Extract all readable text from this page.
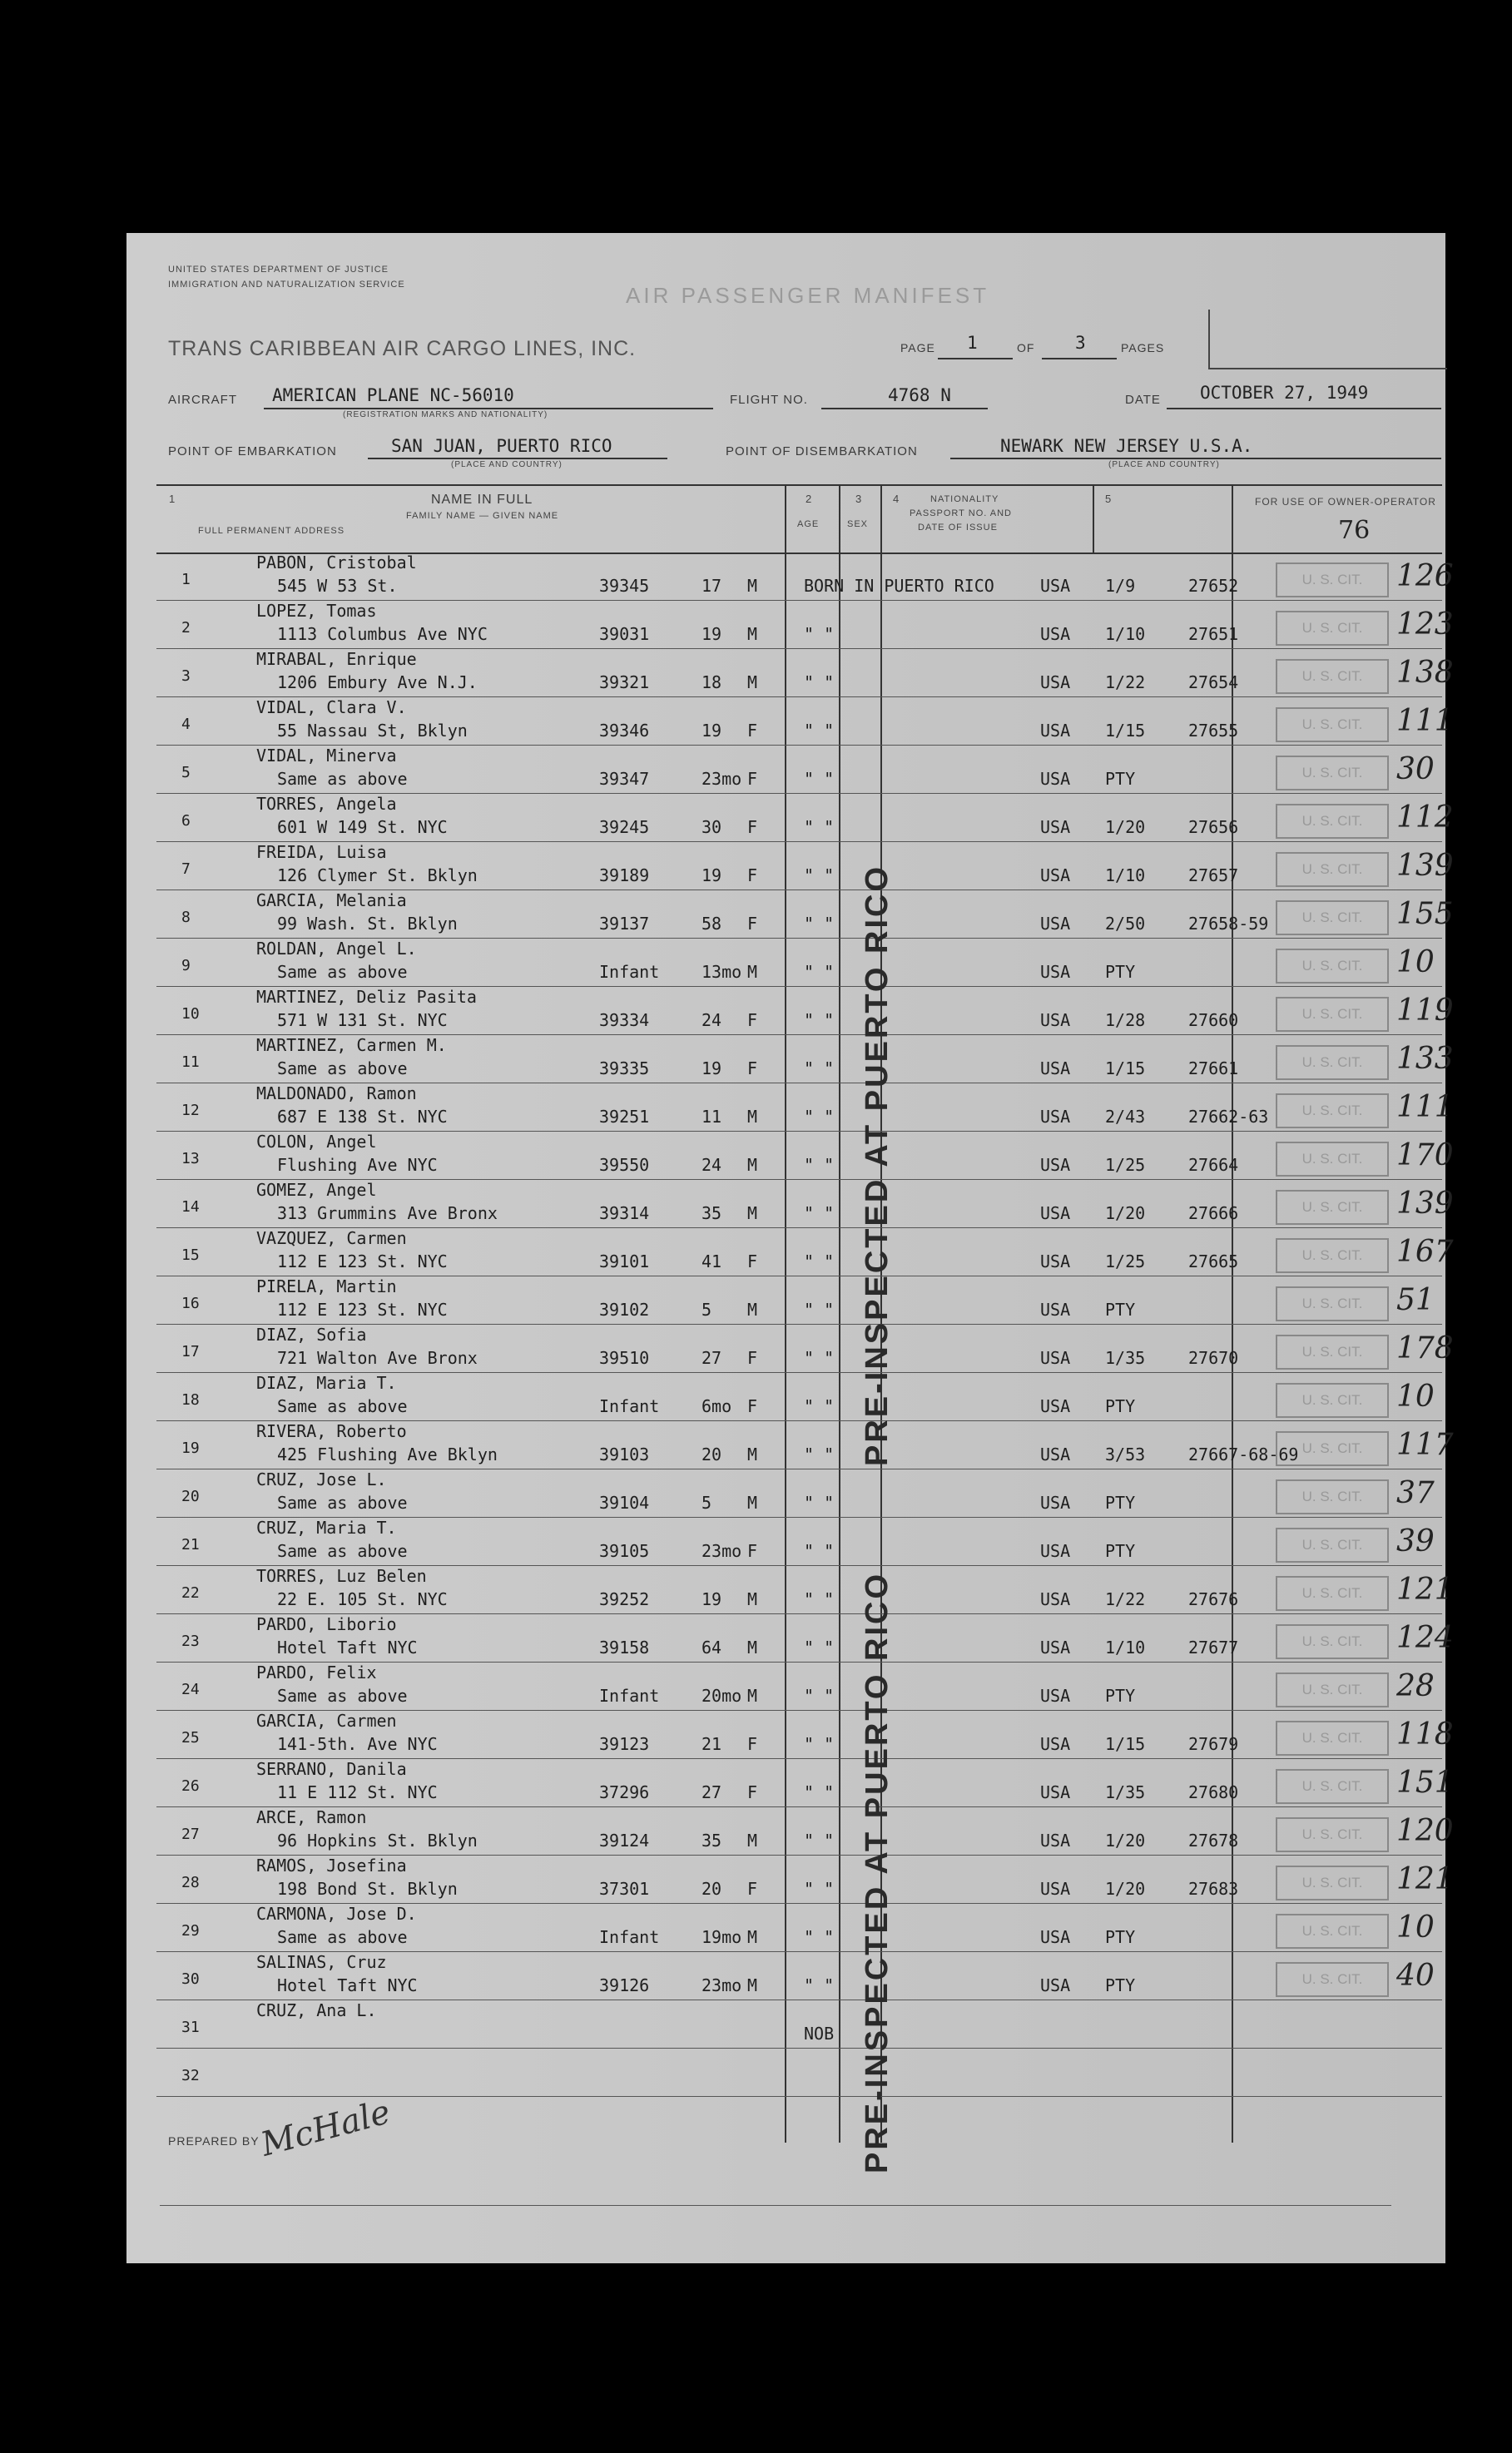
UNITED STATES DEPARTMENT OF JUSTICE
IMMIGRATION AND NATURALIZATION SERVICE	AIR PASSENGER MANIFEST
TRANS CARIBBEAN AIR CARGO LINES, INC.	PAGE 1	OF 3	PAGES
AIRCRAFT AMERICAN PLANE NC-56010
(REGISTRATION MARKS AND NATIONALITY)
FLIGHT NO.	4768 N	DATE OCTOBER 27, 1949
POINT OF EMBARKATION	SAN JUAN, PUERTO RICO
(PLACE AND COUNTRY)
POINT OF DISEMBARKATION	NEWARK NEW JERSEY U.S.A.
(PLACE AND COUNTRY)
1	NAME IN FULL
FAMILY NAME — GIVEN NAME
FULL PERMANENT ADDRESS
2
AGE
3
SEX
4	NATIONALITY
PASSPORT NO. AND
DATE OF ISSUE
5	FOR USE OF OWNER-OPERATOR
76
1
PABON, Cristobal
545 W 53 St.	39345	17 M	BORN IN PUERTO RICO	USA 1/9	27652	U. S. CIT.	126
2
LOPEZ, Tomas
1113 Columbus Ave NYC	39031	19 M	" "	USA 1/10	27651	U. S. CIT.	123
3
MIRABAL, Enrique
1206 Embury Ave N.J.	39321	18 M	" "	USA 1/22	27654	U. S. CIT.	138
4
VIDAL, Clara V.
55 Nassau St, Bklyn	39346	19 F	" "	USA 1/15	27655	U. S. CIT.	111
5
VIDAL, Minerva
Same as above	39347	23mo F	" "	USA PTY	U. S. CIT.	30
6
TORRES, Angela
601 W 149 St. NYC	39245	30 F	" "	USA 1/20	27656	U. S. CIT.	112
7
FREIDA, Luisa
126 Clymer St. Bklyn	39189	19 F	" "	USA 1/10	27657	U. S. CIT.	139
8
GARCIA, Melania
99 Wash. St. Bklyn	39137	58 F	" "	USA 2/50	27658-59	U. S. CIT.	155
9
ROLDAN, Angel L.
Same as above	Infant	13mo M	" "	USA PTY	U. S. CIT.	10
10
MARTINEZ, Deliz Pasita
571 W 131 St. NYC	39334	24 F	" "	USA 1/28	27660	U. S. CIT.	119
11
MARTINEZ, Carmen M.
Same as above	39335	19 F	" "	USA 1/15	27661	U. S. CIT.	133
12
MALDONADO, Ramon
687 E 138 St. NYC	39251	11 M	" "	USA 2/43	27662-63	U. S. CIT.	111
13
COLON, Angel
Flushing Ave NYC	39550	24 M	" "	USA 1/25	27664	U. S. CIT.	170
14
GOMEZ, Angel
313 Grummins Ave Bronx	39314	35 M	" "	USA 1/20	27666	U. S. CIT.	139
15
VAZQUEZ, Carmen
112 E 123 St. NYC	39101	41 F	" "	USA 1/25	27665	U. S. CIT.	167
16
PIRELA, Martin
112 E 123 St. NYC	39102	5 M	" "	USA PTY	U. S. CIT.	51
17
DIAZ, Sofia
721 Walton Ave Bronx	39510	27 F	" "	USA 1/35	27670	U. S. CIT.	178
18
DIAZ, Maria T.
Same as above	Infant	6mo F	" "	USA PTY	U. S. CIT.	10
19
RIVERA, Roberto
425 Flushing Ave Bklyn	39103	20 M	" "	USA 3/53	27667-68-69 U. S. CIT.	117
20
CRUZ, Jose L.
Same as above	39104	5 M	" "	USA PTY	U. S. CIT.	37
21
CRUZ, Maria T.
Same as above	39105	23mo F	" "	USA PTY	U. S. CIT.	39
22
TORRES, Luz Belen
22 E. 105 St. NYC	39252	19 M	" "	USA 1/22	27676	U. S. CIT.	121
23
PARDO, Liborio
Hotel Taft NYC	39158	64 M	" "	USA 1/10	27677	U. S. CIT.	124
24
PARDO, Felix
Same as above	Infant	20mo M	" "	USA PTY	U. S. CIT.	28
25
GARCIA, Carmen
141-5th. Ave NYC	39123	21 F	" "	USA 1/15	27679	U. S. CIT.	118
26
SERRANO, Danila
11 E 112 St. NYC	37296	27 F	" "	USA 1/35	27680	U. S. CIT.	151
27
ARCE, Ramon
96 Hopkins St. Bklyn	39124	35 M	" "	USA 1/20	27678	U. S. CIT.	120
28
RAMOS, Josefina
198 Bond St. Bklyn	37301	20 F	" "	USA 1/20	27683	U. S. CIT.	121
29
CARMONA, Jose D.
Same as above	Infant	19mo M	" "	USA PTY	U. S. CIT.	10
30
SALINAS, Cruz
Hotel Taft NYC	39126	23mo M	" "	USA PTY	U. S. CIT.	40
31
CRUZ, Ana L.
NOB
32
PRE-INSPECTED AT PUERTO RICO
PRE-INSPECTED AT PUERTO RICO
PREPARED BY
McHale
